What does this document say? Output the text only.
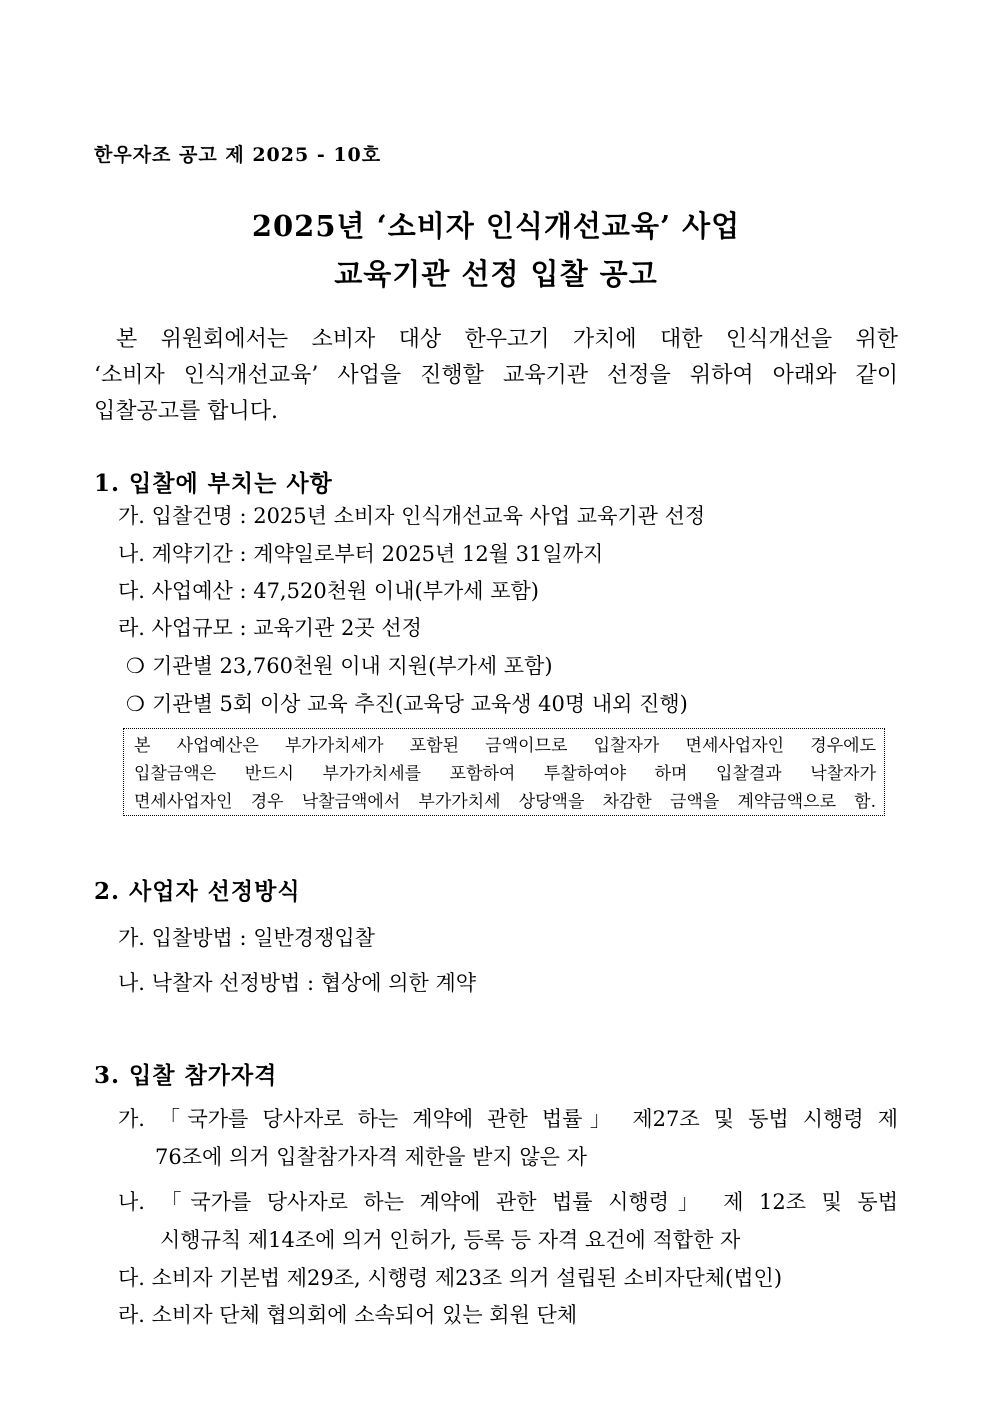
한우자조 공고 제 2025 - 10호
2025년 ‘소비자 인식개선교육’ 사업
교육기관 선정 입찰 공고
본 위원회에서는 소비자 대상 한우고기 가치에 대한 인식개선을 위한
‘소비자 인식개선교육’ 사업을 진행할 교육기관 선정을 위하여 아래와 같이
입찰공고를 합니다.
1. 입찰에 부치는 사항
가. 입찰건명 : 2025년 소비자 인식개선교육 사업 교육기관 선정
나. 계약기간 : 계약일로부터 2025년 12월 31일까지
다. 사업예산 : 47,520천원 이내(부가세 포함)
라. 사업규모 : 교육기관 2곳 선정
❍ 기관별 23,760천원 이내 지원(부가세 포함)
❍ 기관별 5회 이상 교육 추진(교육당 교육생 40명 내외 진행)
본 사업예산은 부가가치세가 포함된 금액이므로 입찰자가 면세사업자인 경우에도
입찰금액은 반드시 부가가치세를 포함하여 투찰하여야 하며 입찰결과 낙찰자가
면세사업자인 경우 낙찰금액에서 부가가치세 상당액을 차감한 금액을 계약금액으로 함.
2. 사업자 선정방식
가. 입찰방법 : 일반경쟁입찰
나. 낙찰자 선정방법 : 협상에 의한 계약
3. 입찰 참가자격
가. 「국가를 당사자로 하는 계약에 관한 법률」 제27조 및 동법 시행령 제
76조에 의거 입찰참가자격 제한을 받지 않은 자
나. 「국가를 당사자로 하는 계약에 관한 법률 시행령」 제 12조 및 동법
시행규칙 제14조에 의거 인허가, 등록 등 자격 요건에 적합한 자
다. 소비자 기본법 제29조, 시행령 제23조 의거 설립된 소비자단체(법인)
라. 소비자 단체 협의회에 소속되어 있는 회원 단체
